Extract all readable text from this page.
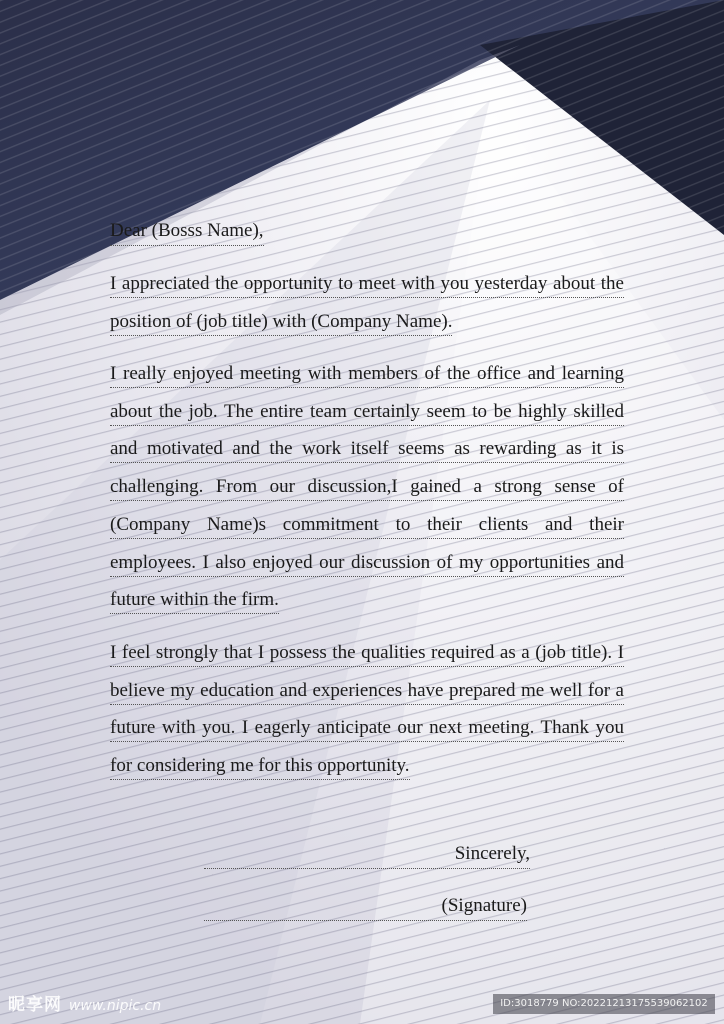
Dear (Bosss Name),

I appreciated the opportunity to meet with you yesterday about the position of (job title) with (Company Name).

I really enjoyed meeting with members of the office and learning about the job. The entire team certainly seem to be highly skilled and motivated and the work itself seems as rewarding as it is challenging. From our discussion,I gained a strong sense of (Company Name)s commitment to their clients and their employees. I also enjoyed our discussion of my opportunities and future within the firm.

I feel strongly that I possess the qualities required as a (job title). I believe my education and experiences have prepared me well for a future with you. I eagerly anticipate our next meeting. Thank you for considering me for this opportunity.

Sincerely,
(Signature)
昵享网 www.nipic.cn	ID:3018779 NO:20221213175539062102
